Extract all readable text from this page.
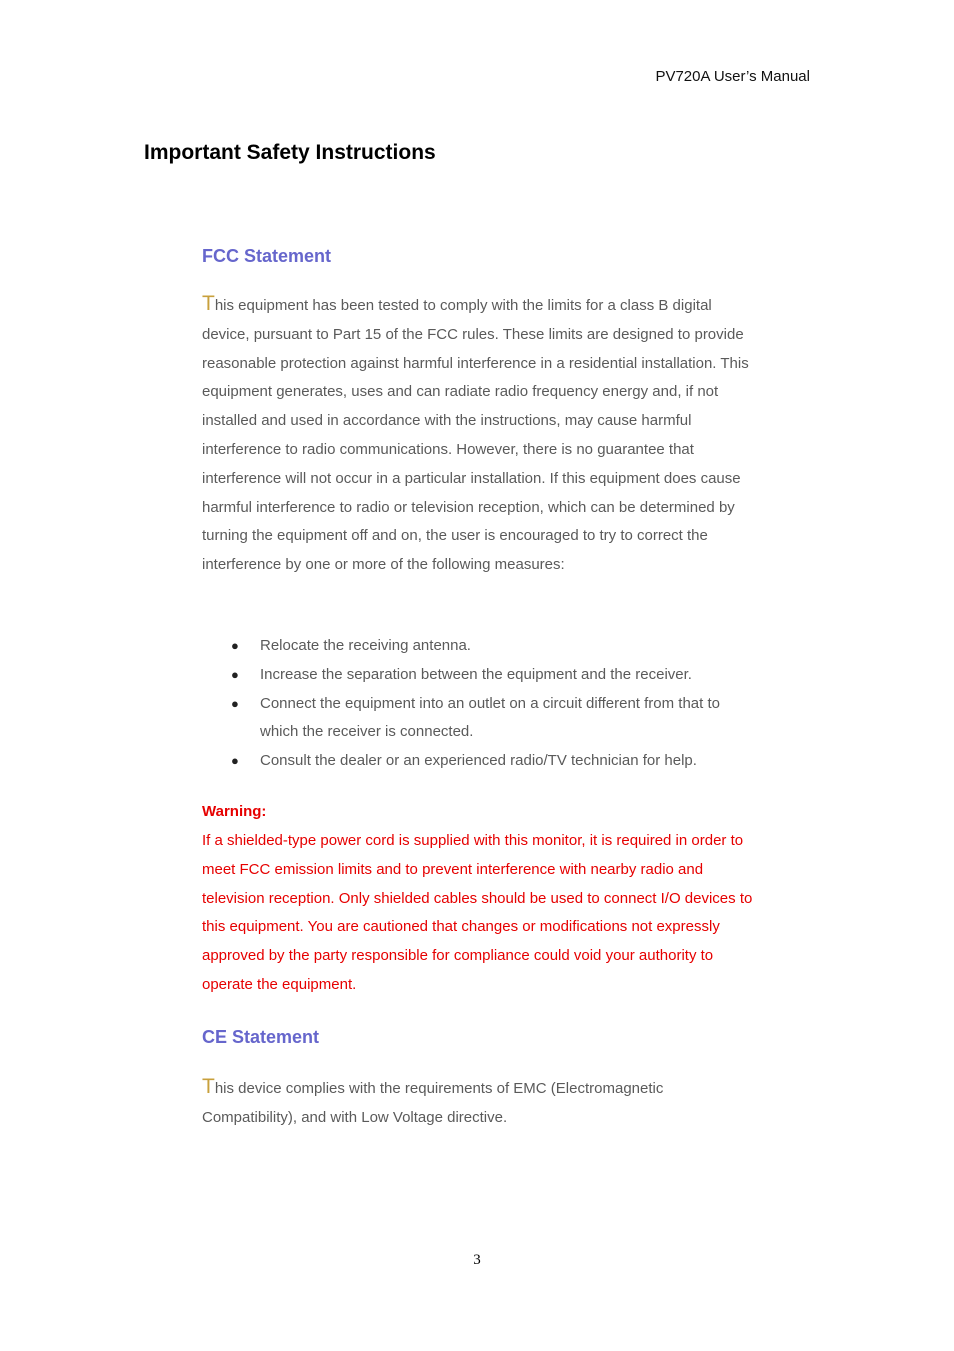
PV720A User’s Manual
Important Safety Instructions
FCC Statement

This equipment has been tested to comply with the limits for a class B digital device, pursuant to Part 15 of the FCC rules. These limits are designed to provide reasonable protection against harmful interference in a residential installation. This equipment generates, uses and can radiate radio frequency energy and, if not installed and used in accordance with the instructions, may cause harmful interference to radio communications. However, there is no guarantee that interference will not occur in a particular installation. If this equipment does cause harmful interference to radio or television reception, which can be determined by turning the equipment off and on, the user is encouraged to try to correct the interference by one or more of the following measures:

● Relocate the receiving antenna.
● Increase the separation between the equipment and the receiver.
● Connect the equipment into an outlet on a circuit different from that to which the receiver is connected.
● Consult the dealer or an experienced radio/TV technician for help.
Warning:

If a shielded-type power cord is supplied with this monitor, it is required in order to meet FCC emission limits and to prevent interference with nearby radio and television reception. Only shielded cables should be used to connect I/O devices to this equipment. You are cautioned that changes or modifications not expressly approved by the party responsible for compliance could void your authority to operate the equipment.

CE Statement

This device complies with the requirements of EMC (Electromagnetic Compatibility), and with Low Voltage directive.

3
